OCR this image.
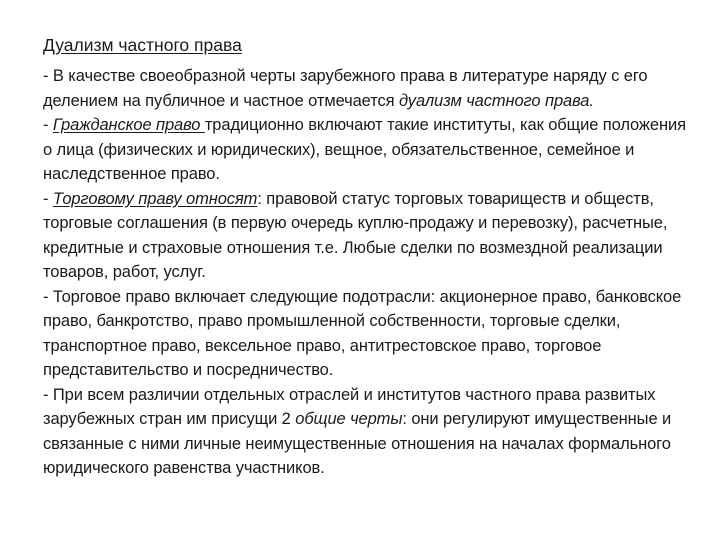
Дуализм частного права

- В качестве своеобразной черты зарубежного права в литературе наряду с его делением на публичное и частное отмечается дуализм частного права.

- Гражданское право традиционно включают такие институты, как общие положения о лица (физических и юридических), вещное, обязательственное, семейное и наследственное право.

- Торговому праву относят: правовой статус торговых товариществ и обществ, торговые соглашения (в первую очередь куплю-продажу и перевозку), расчетные, кредитные и страховые отношения т.е. Любые сделки по возмездной реализации товаров, работ, услуг.

- Торговое право включает следующие подотрасли: акционерное право, банковское право, банкротство, право промышленной собственности, торговые сделки, транспортное право, вексельное право, антитрестовское право, торговое представительство и посредничество.

- При всем различии отдельных отраслей и институтов частного права развитых зарубежных стран им присущи 2 общие черты: они регулируют имущественные и связанные с ними личные неимущественные отношения на началах формального юридического равенства участников.
